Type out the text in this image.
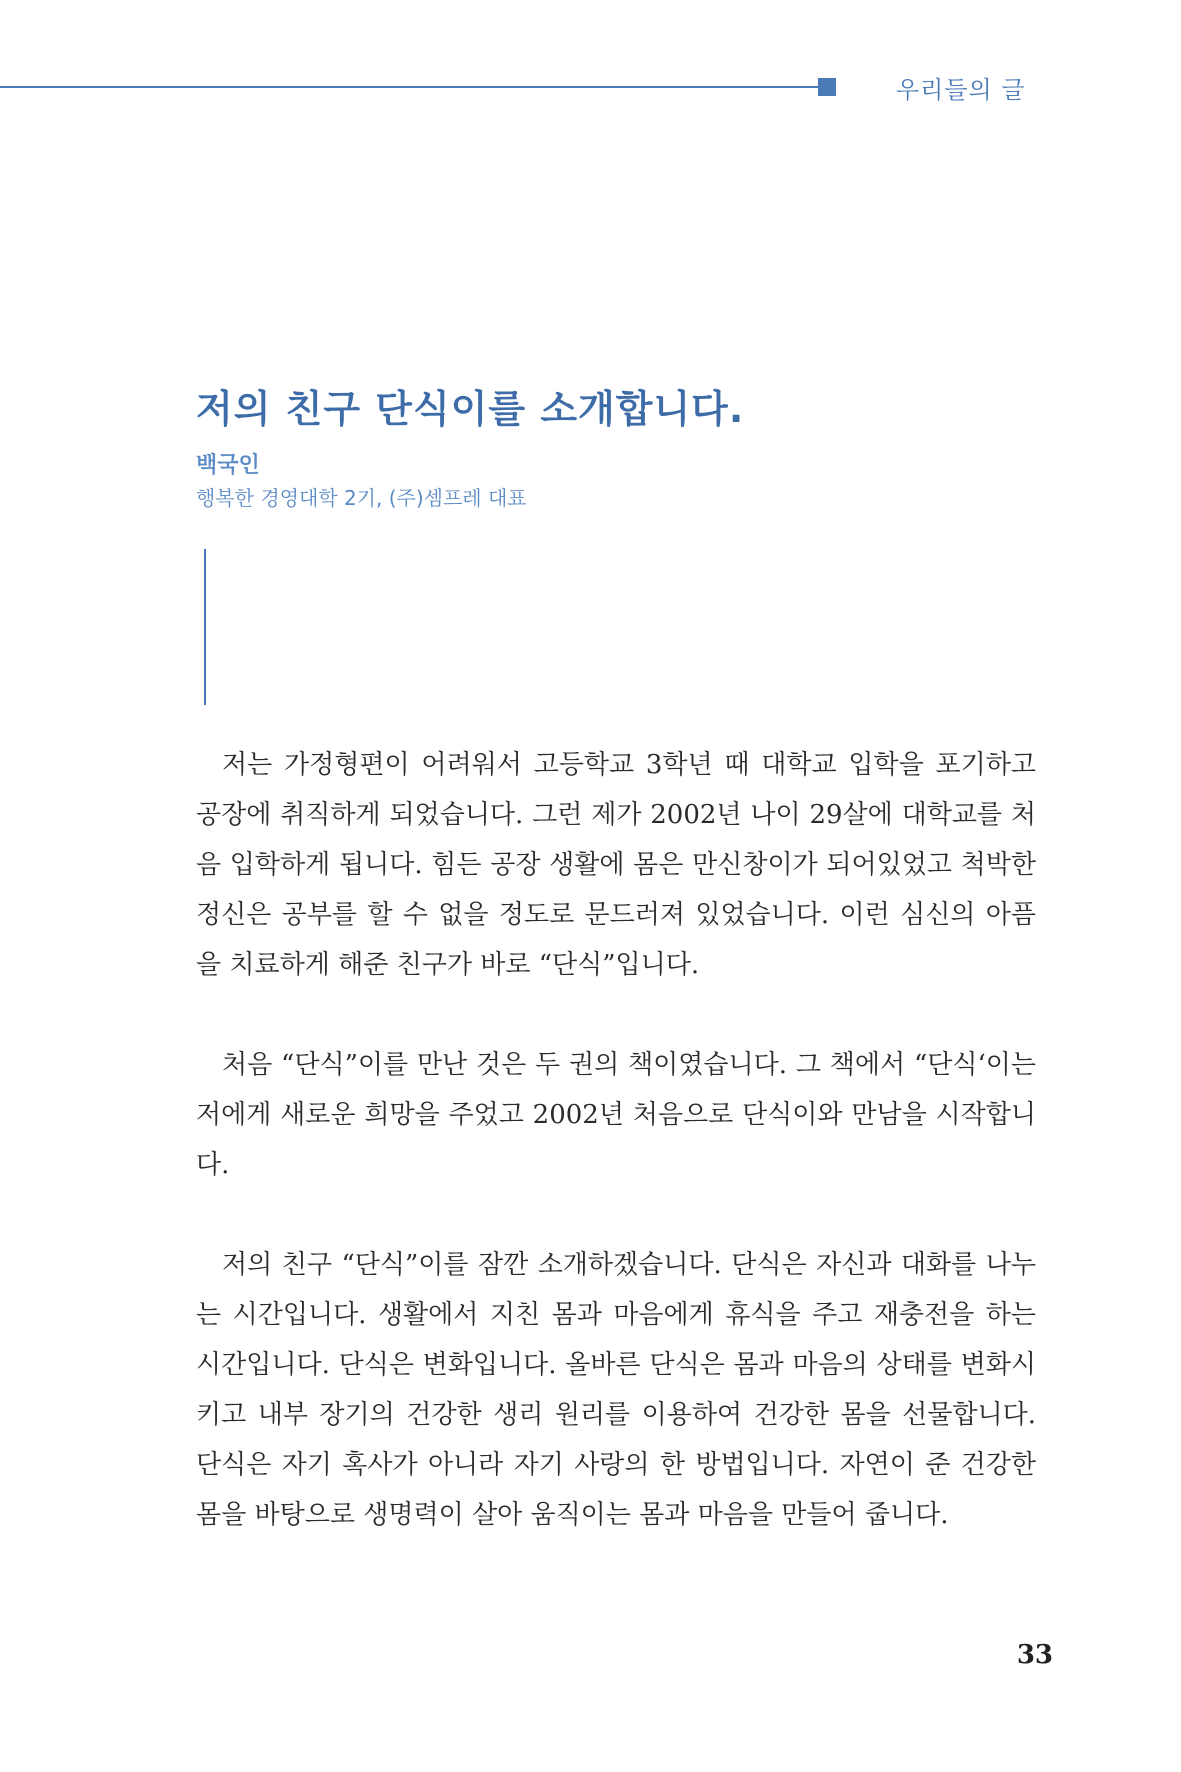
우리들의 글
저의 친구 단식이를 소개합니다.
백국인
행복한 경영대학 2기, (주)셈프레 대표

저는 가정형편이 어려워서 고등학교 3학년 때 대학교 입학을 포기하고 공장에 취직하게 되었습니다. 그런 제가 2002년 나이 29살에 대학교를 처음 입학하게 됩니다. 힘든 공장 생활에 몸은 만신창이가 되어있었고 척박한 정신은 공부를 할 수 없을 정도로 문드러져 있었습니다. 이런 심신의 아픔을 치료하게 해준 친구가 바로 “단식”입니다.

처음 “단식”이를 만난 것은 두 권의 책이였습니다. 그 책에서 “단식‘이는 저에게 새로운 희망을 주었고 2002년 처음으로 단식이와 만남을 시작합니다.

저의 친구 “단식”이를 잠깐 소개하겠습니다. 단식은 자신과 대화를 나누는 시간입니다. 생활에서 지친 몸과 마음에게 휴식을 주고 재충전을 하는 시간입니다. 단식은 변화입니다. 올바른 단식은 몸과 마음의 상태를 변화시키고 내부 장기의 건강한 생리 원리를 이용하여 건강한 몸을 선물합니다. 단식은 자기 혹사가 아니라 자기 사랑의 한 방법입니다. 자연이 준 건강한 몸을 바탕으로 생명력이 살아 움직이는 몸과 마음을 만들어 줍니다.

33
